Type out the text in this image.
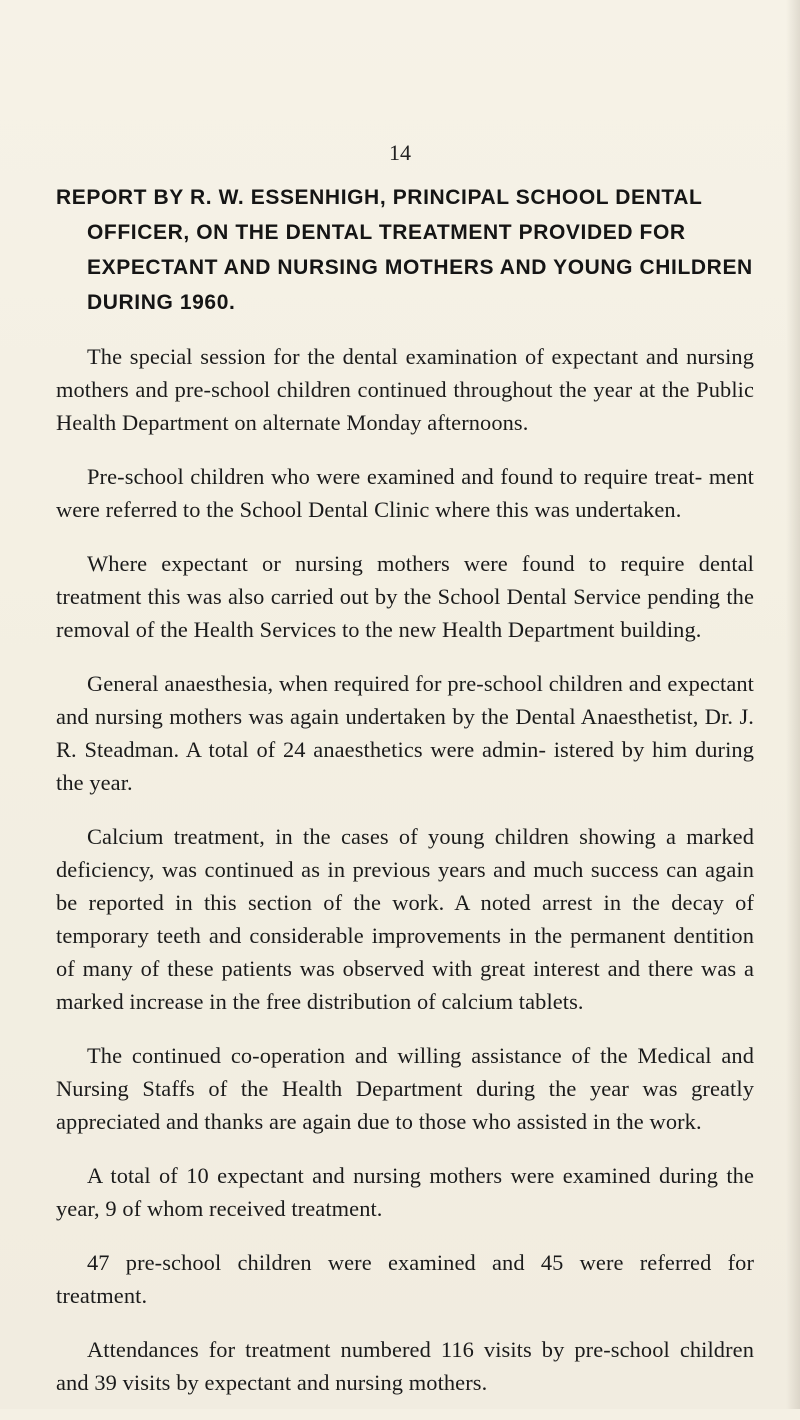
14
REPORT BY R. W. ESSENHIGH, PRINCIPAL SCHOOL DENTAL
OFFICER, ON THE DENTAL TREATMENT PROVIDED FOR
EXPECTANT AND NURSING MOTHERS AND YOUNG CHILDREN
DURING 1960.

The special session for the dental examination of expectant and nursing mothers and pre-school children continued throughout the year at the Public Health Department on alternate Monday afternoons.

Pre-school children who were examined and found to require treat- ment were referred to the School Dental Clinic where this was undertaken.

Where expectant or nursing mothers were found to require dental treatment this was also carried out by the School Dental Service pending the removal of the Health Services to the new Health Department building.

General anaesthesia, when required for pre-school children and expectant and nursing mothers was again undertaken by the Dental Anaesthetist, Dr. J. R. Steadman. A total of 24 anaesthetics were admin- istered by him during the year.

Calcium treatment, in the cases of young children showing a marked deficiency, was continued as in previous years and much success can again be reported in this section of the work. A noted arrest in the decay of temporary teeth and considerable improvements in the permanent dentition of many of these patients was observed with great interest and there was a marked increase in the free distribution of calcium tablets.

The continued co-operation and willing assistance of the Medical and Nursing Staffs of the Health Department during the year was greatly appreciated and thanks are again due to those who assisted in the work.

A total of 10 expectant and nursing mothers were examined during the year, 9 of whom received treatment.

47 pre-school children were examined and 45 were referred for treatment.

Attendances for treatment numbered 116 visits by pre-school children and 39 visits by expectant and nursing mothers.
